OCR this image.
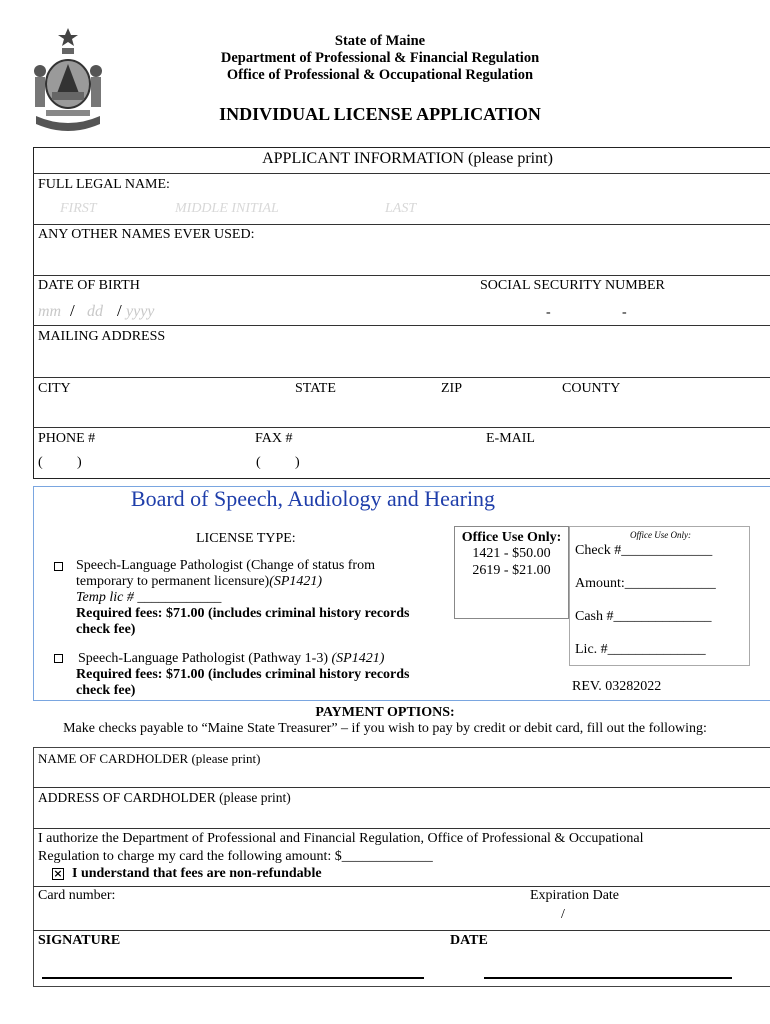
State of Maine
Department of Professional & Financial Regulation
Office of Professional & Occupational Regulation
INDIVIDUAL LICENSE APPLICATION
APPLICANT INFORMATION (please print)
FULL LEGAL NAME:
FIRST	MIDDLE INITIAL	LAST
ANY OTHER NAMES EVER USED:
DATE OF BIRTH	SOCIAL SECURITY NUMBER
mm / dd / yyyy	-	-
MAILING ADDRESS
CITY	STATE	ZIP	COUNTY
PHONE #	FAX #	E-MAIL
( )	( )
Board of Speech, Audiology and Hearing
LICENSE TYPE:
Speech-Language Pathologist (Change of status from
temporary to permanent licensure)(SP1421)
Temp lic # ____________
Required fees: $71.00 (includes criminal history records
check fee)
Speech-Language Pathologist (Pathway 1-3) (SP1421)
Required fees: $71.00 (includes criminal history records
check fee)
Office Use Only:
1421 - $50.00
2619 - $21.00
Office Use Only:
Check #_____________
Amount:_____________
Cash #______________
Lic. #______________
REV. 03282022
PAYMENT OPTIONS:
Make checks payable to “Maine State Treasurer” – if you wish to pay by credit or debit card, fill out the following:
NAME OF CARDHOLDER (please print)
ADDRESS OF CARDHOLDER (please print)
I authorize the Department of Professional and Financial Regulation, Office of Professional & Occupational
Regulation to charge my card the following amount: $_____________
× I understand that fees are non-refundable
Card number:	Expiration Date
/
SIGNATURE	DATE
